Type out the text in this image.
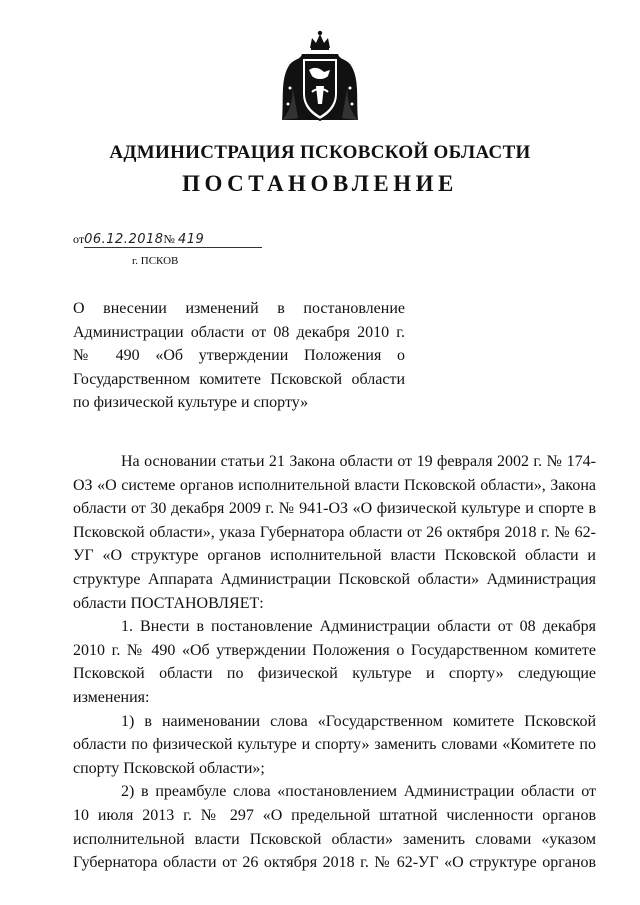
АДМИНИСТРАЦИЯ ПСКОВСКОЙ ОБЛАСТИ
ПОСТАНОВЛЕНИЕ
от06.12.2018№ 419
г. ПСКОВ
О внесении изменений в постановление Администрации области от 08 декабря 2010 г. № 490 «Об утверждении Положения о Государственном комитете Псковской области по физической культуре и спорту»

На основании статьи 21 Закона области от 19 февраля 2002 г. № 174-ОЗ «О системе органов исполнительной власти Псковской области», Закона области от 30 декабря 2009 г. № 941-ОЗ «О физической культуре и спорте в Псковской области», указа Губернатора области от 26 октября 2018 г. № 62-УГ «О структуре органов исполнительной власти Псковской области и структуре Аппарата Администрации Псковской области» Администрация области ПОСТАНОВЛЯЕТ:

1. Внести в постановление Администрации области от 08 декабря 2010 г. № 490 «Об утверждении Положения о Государственном комитете Псковской области по физической культуре и спорту» следующие изменения:

1) в наименовании слова «Государственном комитете Псковской области по физической культуре и спорту» заменить словами «Комитете по спорту Псковской области»;

2) в преамбуле слова «постановлением Администрации области от 10 июля 2013 г. № 297 «О предельной штатной численности органов исполнительной власти Псковской области» заменить словами «указом Губернатора области от 26 октября 2018 г. № 62-УГ «О структуре органов
